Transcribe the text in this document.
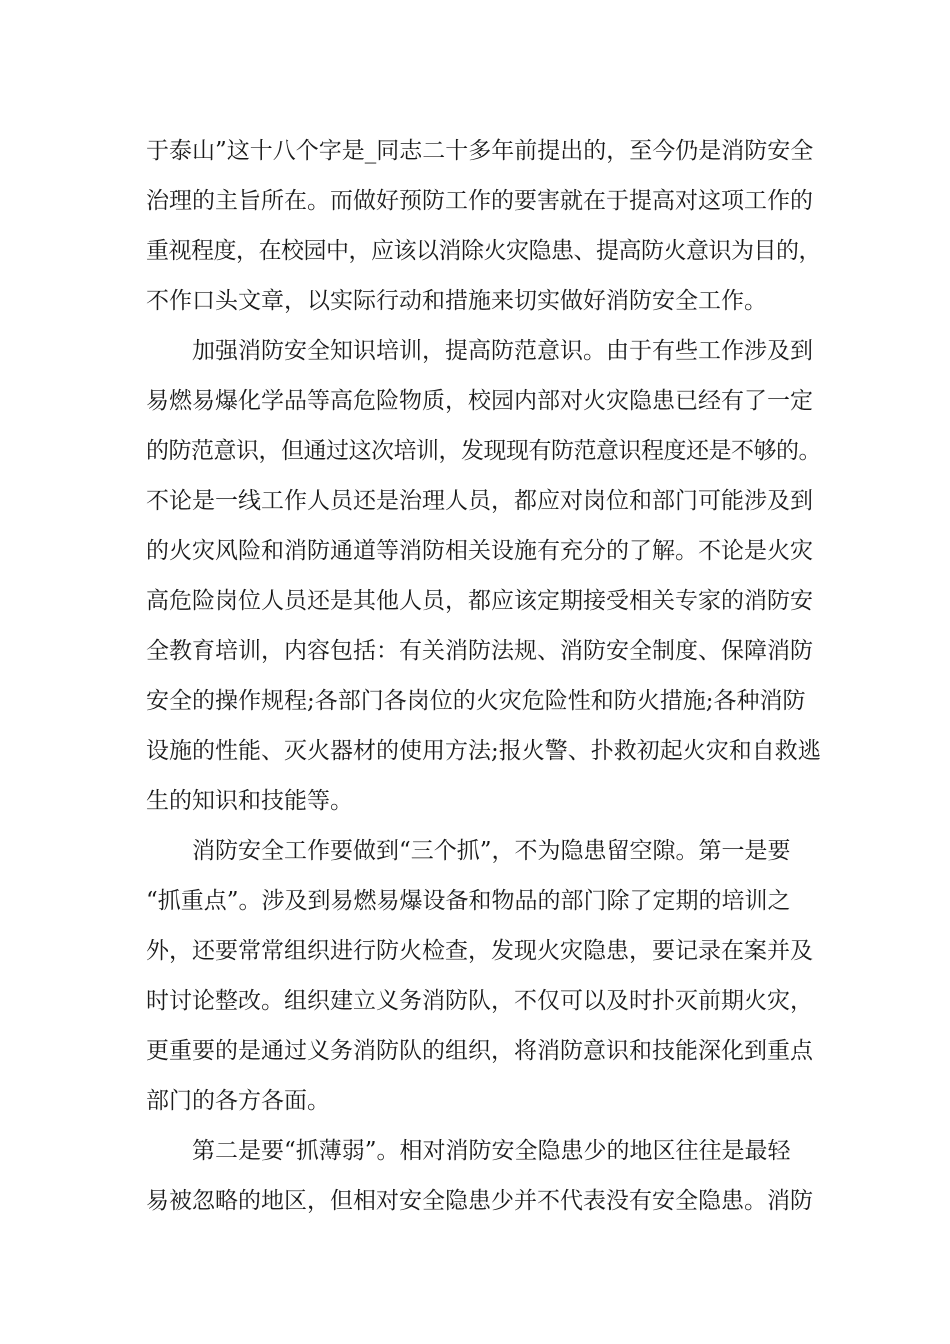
于泰山”这十八个字是_同志二十多年前提出的，至今仍是消防安全
治理的主旨所在。而做好预防工作的要害就在于提高对这项工作的
重视程度，在校园中，应该以消除火灾隐患、提高防火意识为目的，
不作口头文章，以实际行动和措施来切实做好消防安全工作。
加强消防安全知识培训，提高防范意识。由于有些工作涉及到
易燃易爆化学品等高危险物质，校园内部对火灾隐患已经有了一定
的防范意识，但通过这次培训，发现现有防范意识程度还是不够的。
不论是一线工作人员还是治理人员，都应对岗位和部门可能涉及到
的火灾风险和消防通道等消防相关设施有充分的了解。不论是火灾
高危险岗位人员还是其他人员，都应该定期接受相关专家的消防安
全教育培训，内容包括：有关消防法规、消防安全制度、保障消防
安全的操作规程;各部门各岗位的火灾危险性和防火措施;各种消防
设施的性能、灭火器材的使用方法;报火警、扑救初起火灾和自救逃
生的知识和技能等。
消防安全工作要做到“三个抓”，不为隐患留空隙。第一是要
“抓重点”。涉及到易燃易爆设备和物品的部门除了定期的培训之
外，还要常常组织进行防火检查，发现火灾隐患，要记录在案并及
时讨论整改。组织建立义务消防队，不仅可以及时扑灭前期火灾，
更重要的是通过义务消防队的组织，将消防意识和技能深化到重点
部门的各方各面。
第二是要“抓薄弱”。相对消防安全隐患少的地区往往是最轻
易被忽略的地区，但相对安全隐患少并不代表没有安全隐患。消防
